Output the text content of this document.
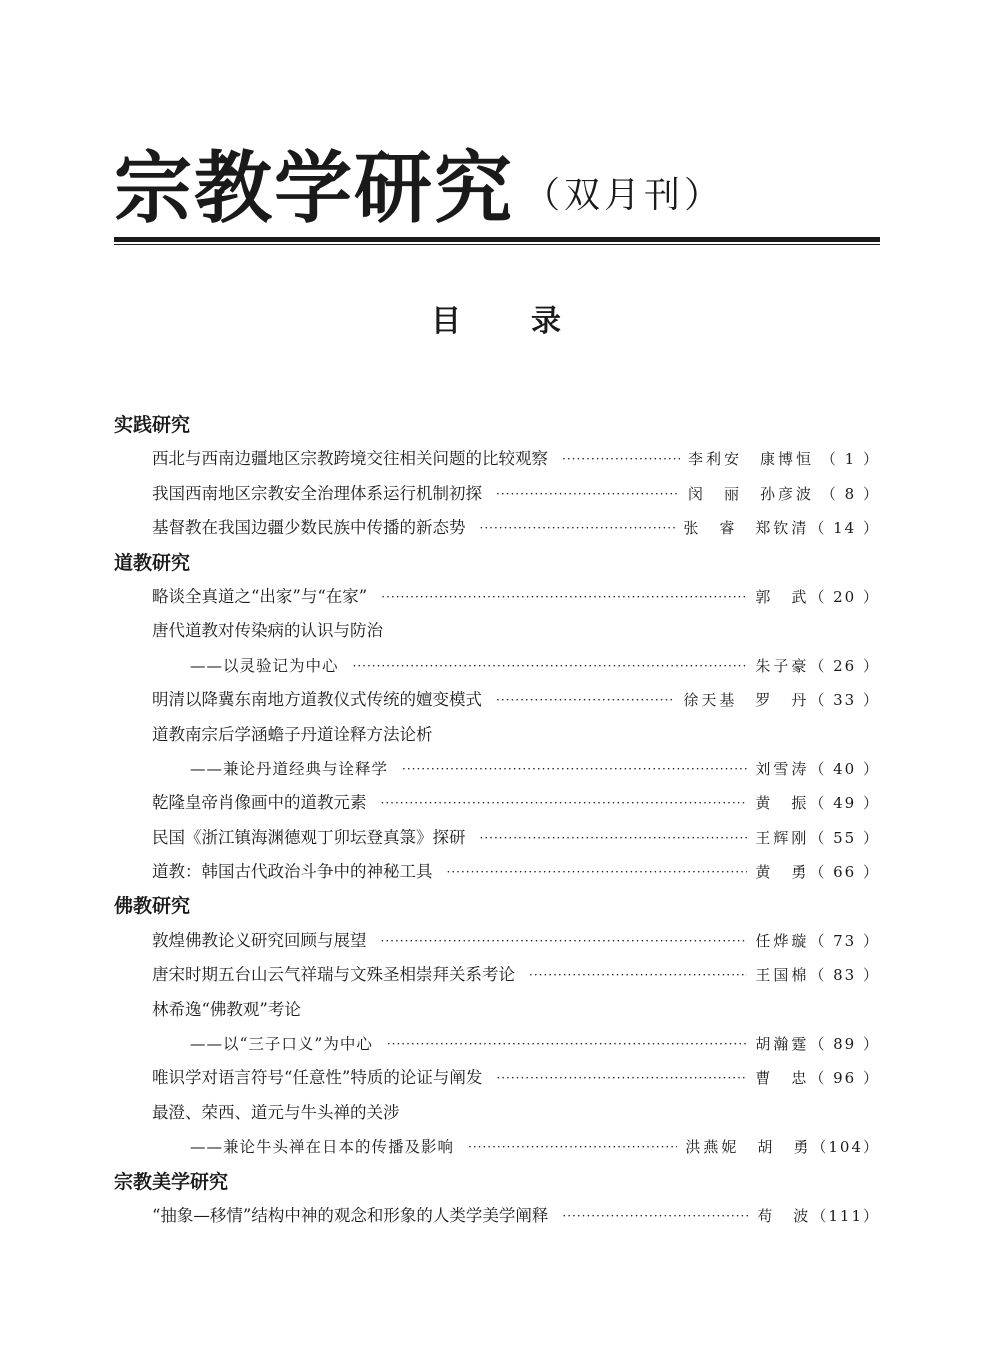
宗教学研究 （双月刊）
目录
实践研究
西北与西南边疆地区宗教跨境交往相关问题的比较观察 ·····	李利安　康博恒 （ 1 ）
我国西南地区宗教安全治理体系运行机制初探 ·····	闵　丽　孙彦波 （ 8 ）
基督教在我国边疆少数民族中传播的新态势 ·····	张　睿　郑钦清 （ 14 ）
道教研究
略谈全真道之“出家”与“在家” ·····	郭　武 （ 20 ）
唐代道教对传染病的认识与防治
——以灵验记为中心 ·····	朱子豪 （ 26 ）
明清以降冀东南地方道教仪式传统的嬗变模式 ·····	徐天基　罗　丹 （ 33 ）
道教南宗后学涵蟾子丹道诠释方法论析
——兼论丹道经典与诠释学 ·····	刘雪涛 （ 40 ）
乾隆皇帝肖像画中的道教元素 ·····	黄　振 （ 49 ）
民国《浙江镇海渊德观丁卯坛登真箓》探研 ·····	王辉刚 （ 55 ）
道教：韩国古代政治斗争中的神秘工具 ·····	黄　勇 （ 66 ）
佛教研究
敦煌佛教论义研究回顾与展望 ·····	任烨璇 （ 73 ）
唐宋时期五台山云气祥瑞与文殊圣相崇拜关系考论 ·····	王国棉 （ 83 ）
林希逸“佛教观”考论
——以“三子口义”为中心 ·····	胡瀚霆 （ 89 ）
唯识学对语言符号“任意性”特质的论证与阐发 ·····	曹　忠 （ 96 ）
最澄、荣西、道元与牛头禅的关涉
——兼论牛头禅在日本的传播及影响 ·····	洪燕妮　胡　勇 （104）
宗教美学研究
“抽象—移情”结构中神的观念和形象的人类学美学阐释 ·····	苟　波 （111）
